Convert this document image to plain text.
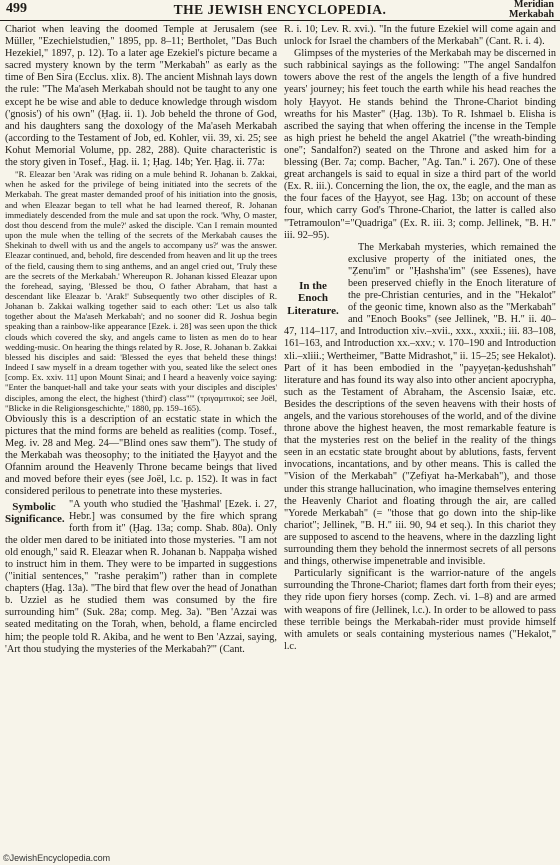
499	THE JEWISH ENCYCLOPEDIA.	Meridian
Merkabah

Chariot when leaving the doomed Temple at Jerusalem (see Müller, "Ezechielstudien," 1895, pp. 8–11; Bertholet, "Das Buch Hezekiel," 1897, p. 12). To a later age Ezekiel's picture became a sacred mystery known by the term "Merkabah" as early as the time of Ben Sira (Ecclus. xlix. 8). The ancient Mishnah lays down the rule: "The Ma'aseh Merkabah should not be taught to any one except he be wise and able to deduce knowledge through wisdom ('gnosis') of his own" (Ḥag. ii. 1). Job beheld the throne of God, and his daughters sang the doxology of the Ma'aseh Merkabah (according to the Testament of Job, ed. Kohler, vii. 39, xi. 25; see Kohut Memorial Volume, pp. 282, 288). Quite characteristic is the story given in Tosef., Ḥag. ii. 1; Ḥag. 14b; Yer. Ḥag. ii. 77a:

"R. Eleazar ben 'Arak was riding on a mule behind R. Johanan b. Zakkai, when he asked for the privilege of being initiated into the secrets of the Merkabah. The great master demanded proof of his initiation into the gnosis, and when Eleazar began to tell what he had learned thereof, R. Johanan immediately descended from the mule and sat upon the rock. 'Why, O master, dost thou descend from the mule?' asked the disciple. 'Can I remain mounted upon the mule when the telling of the secrets of the Merkabah causes the Shekinah to dwell with us and the angels to accompany us?' was the answer. Eleazar continued, and, behold, fire descended from heaven and lit up the trees of the field, causing them to sing anthems, and an angel cried out, 'Truly these are the secrets of the Merkabah.' Whereupon R. Johanan kissed Eleazar upon the forehead, saying, 'Blessed be thou, O father Abraham, that hast a descendant like Eleazar b. 'Arak!' Subsequently two other disciples of R. Johanan b. Zakkai walking together said to each other: 'Let us also talk together about the Ma'aseh Merkabah'; and no sooner did R. Joshua begin speaking than a rainbow-like appearance [Ezek. i. 28] was seen upon the thick clouds which covered the sky, and angels came to listen as men do to hear wedding-music. On hearing the things related by R. Jose, R. Johanan b. Zakkai blessed his disciples and said: 'Blessed the eyes that beheld these things! Indeed I saw myself in a dream together with you, seated like the select ones [comp. Ex. xxiv. 11] upon Mount Sinai; and I heard a heavenly voice saying: "Enter the banquet-hall and take your seats with your disciples and disciples' disciples, among the elect, the highest ('third') class"'" (τριγαμιτικοί; see Joël, "Blicke in die Religionsgeschichte," 1880, pp. 159–165).

Obviously this is a description of an ecstatic state in which the pictures that the mind forms are beheld as realities (comp. Tosef., Meg. iv. 28 and Meg. 24—"Blind ones saw them"). The study of the Merkabah was theosophy; to the initiated the Ḥayyot and the Ofannim around the Heavenly Throne became beings that lived and moved before their eyes (see Joël, l.c. p. 152). It was in fact considered perilous to penetrate into these mysteries.

Symbolic Significance.

"A youth who studied the 'Ḥashmal' [Ezek. i. 27, Hebr.] was consumed by the fire which sprang forth from it" (Ḥag. 13a; comp. Shab. 80a). Only the older men dared to be initiated into those mysteries. "I am not old enough," said R. Eleazar when R. Johanan b. Nappaḥa wished to instruct him in them. They were to be imparted in suggestions ("initial sentences," "rashe peraḳim") rather than in complete chapters (Ḥag. 13a). "The bird that flew over the head of Jonathan b. Uzziel as he studied them was consumed by the fire surrounding him" (Suk. 28a; comp. Meg. 3a). "Ben 'Azzai was seated meditating on the Torah, when, behold, a flame encircled him; the people told R. Akiba, and he went to Ben 'Azzai, saying, 'Art thou studying the mysteries of the Merkabah?'" (Cant.

R. i. 10; Lev. R. xvi.). "In the future Ezekiel will come again and unlock for Israel the chambers of the Merkabah" (Cant. R. i. 4).

Glimpses of the mysteries of the Merkabah may be discerned in such rabbinical sayings as the following: "The angel Sandalfon towers above the rest of the angels the length of a five hundred years' journey; his feet touch the earth while his head reaches the holy Ḥayyot. He stands behind the Throne-Chariot binding wreaths for his Master" (Ḥag. 13b). To R. Ishmael b. Elisha is ascribed the saying that when offering the incense in the Temple as high priest he beheld the angel Akatriel ("the wreath-binding one"; Sandalfon?) seated on the Throne and asked him for a blessing (Ber. 7a; comp. Bacher, "Ag. Tan." i. 267). One of these great archangels is said to equal in size a third part of the world (Ex. R. iii.). Concerning the lion, the ox, the eagle, and the man as the four faces of the Ḥayyot, see Ḥag. 13b; on account of these four, which carry God's Throne-Chariot, the latter is called also "Tetramoulon"="Quadriga" (Ex. R. iii. 3; comp. Jellinek, "B. H." iii. 92–95).

In the Enoch Literature.

The Merkabah mysteries, which remained the exclusive property of the initiated ones, the "Ẓenu'im" or "Ḥashsha'im" (see Essenes), have been preserved chiefly in the Enoch literature of the pre-Christian centuries, and in the "Hekalot" of the geonic time, known also as the "Merkabah" and "Enoch Books" (see Jellinek, "B. H." ii. 40–47, 114–117, and Introduction xiv.–xvii., xxx., xxxii.; iii. 83–108, 161–163, and Introduction xx.–xxv.; v. 170–190 and Introduction xli.–xliii.; Wertheimer, "Batte Midrashot," ii. 15–25; see Hekalot). Part of it has been embodied in the "payyeṭan-ḳedushshah" literature and has found its way also into other ancient apocrypha, such as the Testament of Abraham, the Ascensio Isaiæ, etc. Besides the descriptions of the seven heavens with their hosts of angels, and the various storehouses of the world, and of the divine throne above the highest heaven, the most remarkable feature is that the mysteries rest on the belief in the reality of the things seen in an ecstatic state brought about by ablutions, fasts, fervent invocations, incantations, and by other means. This is called the "Vision of the Merkabah" ("Ẓefiyat ha-Merkabah"), and those under this strange hallucination, who imagine themselves entering the Heavenly Chariot and floating through the air, are called "Yorede Merkabah" (= "those that go down into the ship-like chariot"; Jellinek, "B. H." iii. 90, 94 et seq.). In this chariot they are supposed to ascend to the heavens, where in the dazzling light surrounding them they behold the innermost secrets of all persons and things, otherwise impenetrable and invisible.

Particularly significant is the warrior-nature of the angels surrounding the Throne-Chariot; flames dart forth from their eyes; they ride upon fiery horses (comp. Zech. vi. 1–8) and are armed with weapons of fire (Jellinek, l.c.). In order to be allowed to pass these terrible beings the Merkabah-rider must provide himself with amulets or seals containing mysterious names ("Hekalot," l.c.

©JewishEncyclopedia.com
